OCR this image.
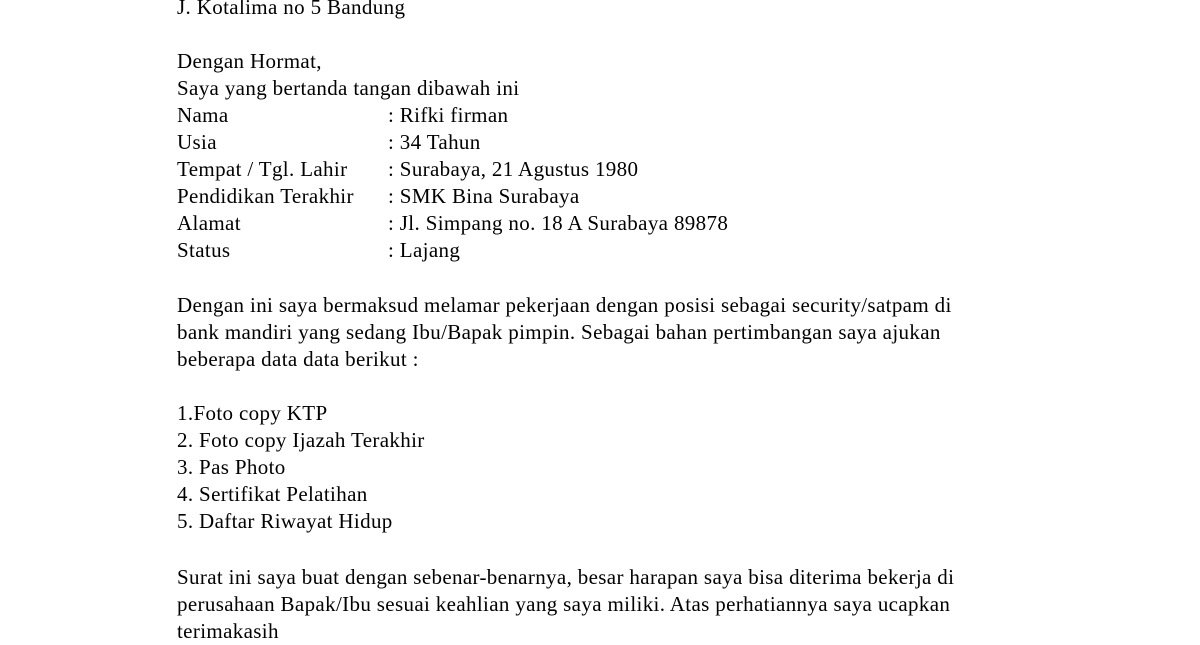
J. Kotalima no 5 Bandung
Dengan Hormat,
Saya yang bertanda tangan dibawah ini
Nama	: Rifki firman
Usia	: 34 Tahun
Tempat / Tgl. Lahir : Surabaya, 21 Agustus 1980
Pendidikan Terakhir : SMK Bina Surabaya
Alamat	: Jl. Simpang no. 18 A Surabaya 89878
Status	: Lajang
Dengan ini saya bermaksud melamar pekerjaan dengan posisi sebagai security/satpam di
bank mandiri yang sedang Ibu/Bapak pimpin. Sebagai bahan pertimbangan saya ajukan
beberapa data data berikut :
1.Foto copy KTP
2. Foto copy Ijazah Terakhir
3. Pas Photo
4. Sertifikat Pelatihan
5. Daftar Riwayat Hidup
Surat ini saya buat dengan sebenar-benarnya, besar harapan saya bisa diterima bekerja di
perusahaan Bapak/Ibu sesuai keahlian yang saya miliki. Atas perhatiannya saya ucapkan
terimakasih
